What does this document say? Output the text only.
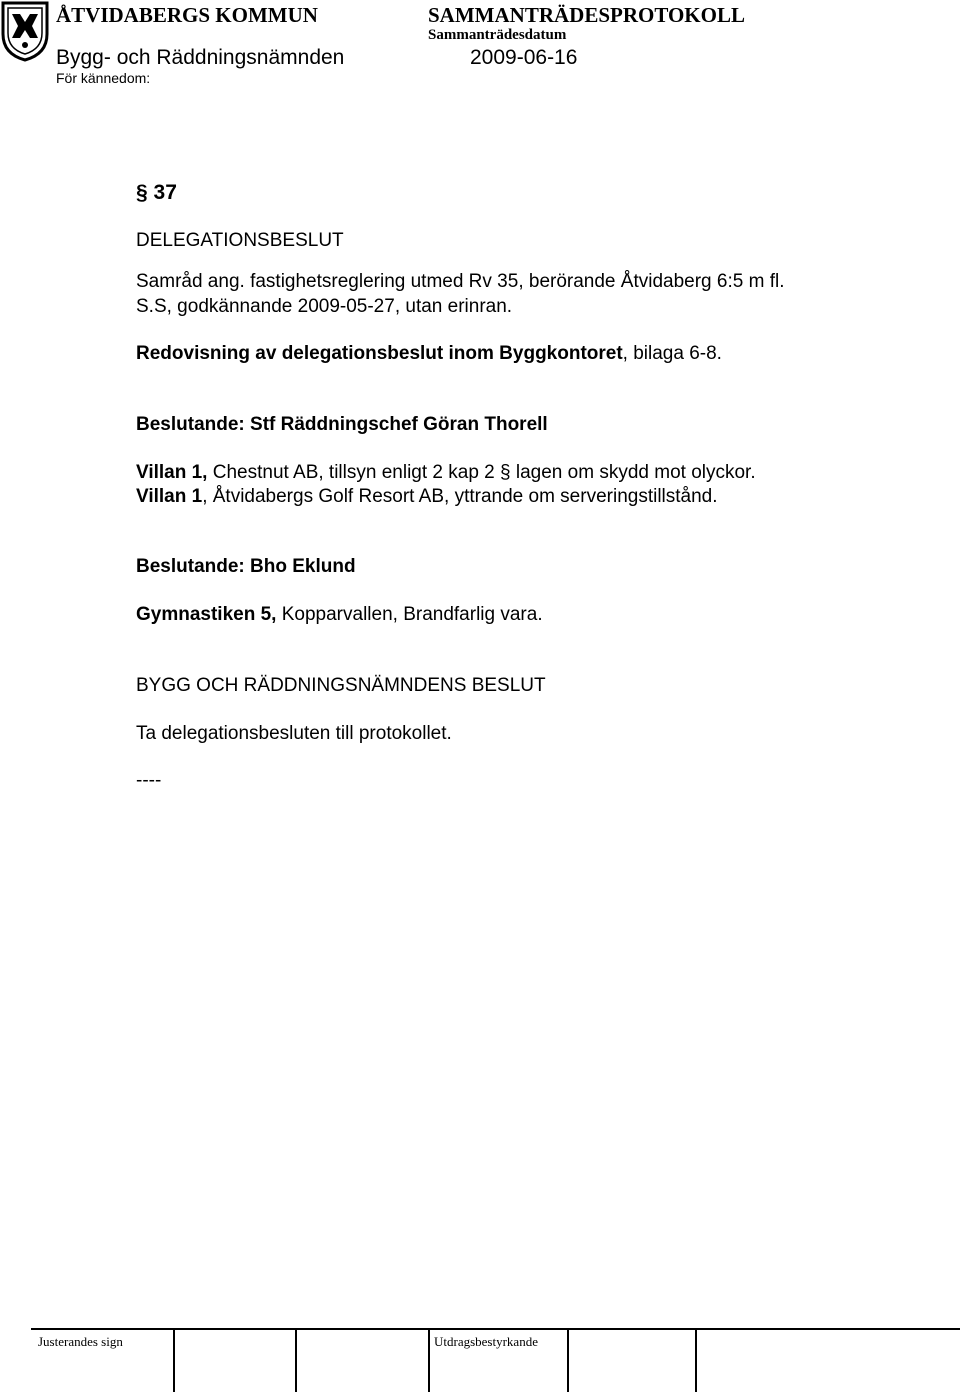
ÅTVIDABERGS KOMMUN	SAMMANTRÄDESPROTOKOLL
Sammanträdesdatum
Bygg- och Räddningsnämnden	2009-06-16
För kännedom:
§ 37
DELEGATIONSBESLUT
Samråd ang. fastighetsreglering utmed Rv 35, berörande Åtvidaberg 6:5 m fl.
S.S, godkännande 2009-05-27, utan erinran.
Redovisning av delegationsbeslut inom Byggkontoret, bilaga 6-8.
Beslutande: Stf Räddningschef Göran Thorell
Villan 1, Chestnut AB, tillsyn enligt 2 kap 2 § lagen om skydd mot olyckor.
Villan 1, Åtvidabergs Golf Resort AB, yttrande om serveringstillstånd.
Beslutande: Bho Eklund
Gymnastiken 5, Kopparvallen, Brandfarlig vara.
BYGG OCH RÄDDNINGSNÄMNDENS BESLUT
Ta delegationsbesluten till protokollet.
----
Justerandes sign	Utdragsbestyrkande
